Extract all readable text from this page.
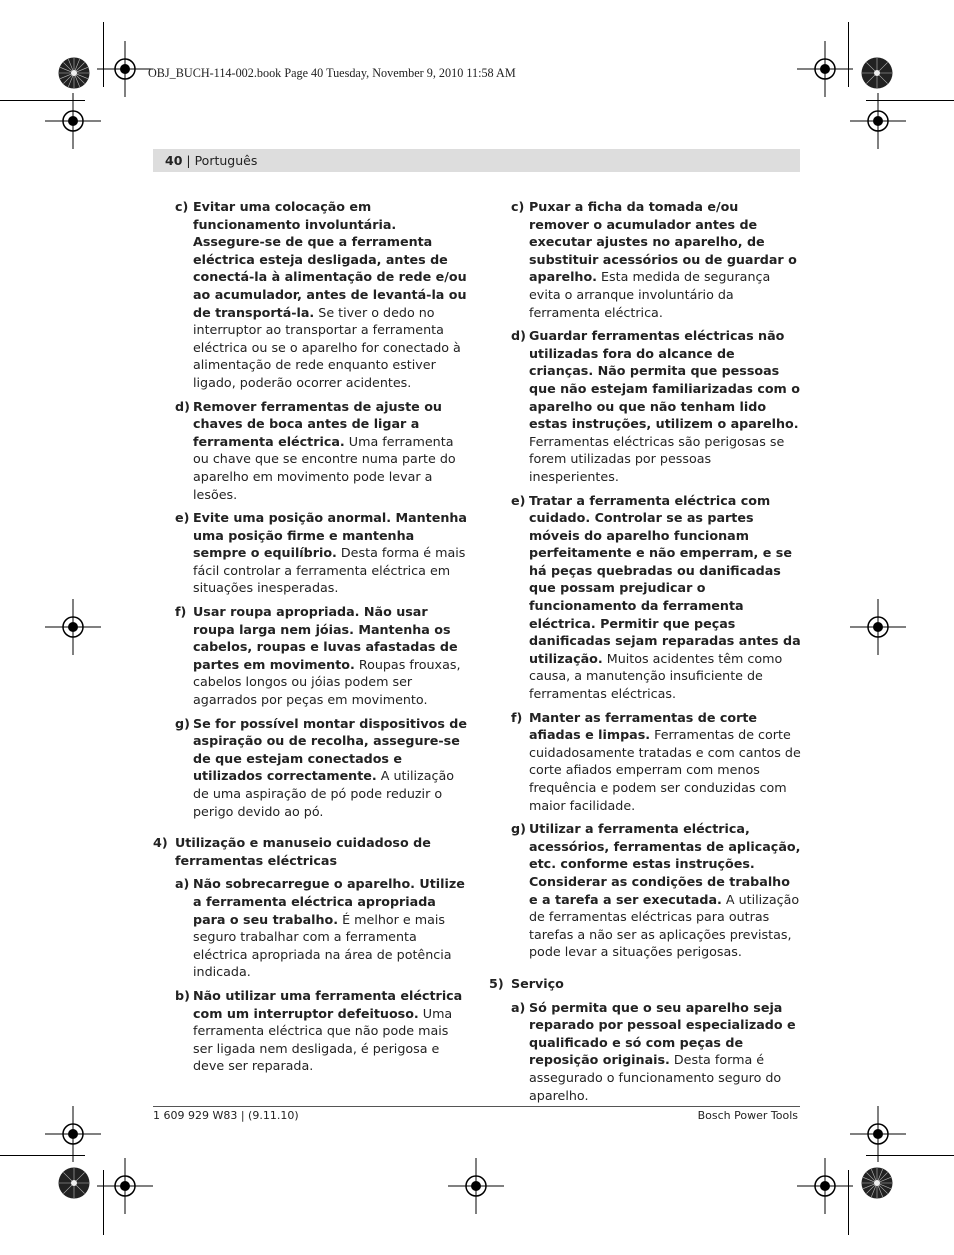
OBJ_BUCH-114-002.book Page 40 Tuesday, November 9, 2010 11:58 AM
40 | Português
c) Evitar uma colocação em funcionamento involuntária. Assegure-se de que a ferramenta eléctrica esteja desligada, antes de conectá-la à alimentação de rede e/ou ao acumulador, antes de levantá-la ou de transportá-la. Se tiver o dedo no interruptor ao transportar a ferramenta eléctrica ou se o aparelho for conectado à alimentação de rede enquanto estiver ligado, poderão ocorrer acidentes.
d) Remover ferramentas de ajuste ou chaves de boca antes de ligar a ferramenta eléctrica. Uma ferramenta ou chave que se encontre numa parte do aparelho em movimento pode levar a lesões.
e) Evite uma posição anormal. Mantenha uma posição firme e mantenha sempre o equilíbrio. Desta forma é mais fácil controlar a ferramenta eléctrica em situações inesperadas.
f) Usar roupa apropriada. Não usar roupa larga nem jóias. Mantenha os cabelos, roupas e luvas afastadas de partes em movimento. Roupas frouxas, cabelos longos ou jóias podem ser agarrados por peças em movimento.
g) Se for possível montar dispositivos de aspiração ou de recolha, assegure-se de que estejam conectados e utilizados correctamente. A utilização de uma aspiração de pó pode reduzir o perigo devido ao pó.
4) Utilização e manuseio cuidadoso de ferramentas eléctricas
a) Não sobrecarregue o aparelho. Utilize a ferramenta eléctrica apropriada para o seu trabalho. É melhor e mais seguro trabalhar com a ferramenta eléctrica apropriada na área de potência indicada.
b) Não utilizar uma ferramenta eléctrica com um interruptor defeituoso. Uma ferramenta eléctrica que não pode mais ser ligada nem desligada, é perigosa e deve ser reparada.
c) Puxar a ficha da tomada e/ou remover o acumulador antes de executar ajustes no aparelho, de substituir acessórios ou de guardar o aparelho. Esta medida de segurança evita o arranque involuntário da ferramenta eléctrica.
d) Guardar ferramentas eléctricas não utilizadas fora do alcance de crianças. Não permita que pessoas que não estejam familiarizadas com o aparelho ou que não tenham lido estas instruções, utilizem o aparelho. Ferramentas eléctricas são perigosas se forem utilizadas por pessoas inesperientes.
e) Tratar a ferramenta eléctrica com cuidado. Controlar se as partes móveis do aparelho funcionam perfeitamente e não emperram, e se há peças quebradas ou danificadas que possam prejudicar o funcionamento da ferramenta eléctrica. Permitir que peças danificadas sejam reparadas antes da utilização. Muitos acidentes têm como causa, a manutenção insuficiente de ferramentas eléctricas.
f) Manter as ferramentas de corte afiadas e limpas. Ferramentas de corte cuidadosamente tratadas e com cantos de corte afiados emperram com menos frequência e podem ser conduzidas com maior facilidade.
g) Utilizar a ferramenta eléctrica, acessórios, ferramentas de aplicação, etc. conforme estas instruções. Considerar as condições de trabalho e a tarefa a ser executada. A utilização de ferramentas eléctricas para outras tarefas a não ser as aplicações previstas, pode levar a situações perigosas.
5) Serviço
a) Só permita que o seu aparelho seja reparado por pessoal especializado e qualificado e só com peças de reposição originais. Desta forma é assegurado o funcionamento seguro do aparelho.
1 609 929 W83 | (9.11.10)	Bosch Power Tools
